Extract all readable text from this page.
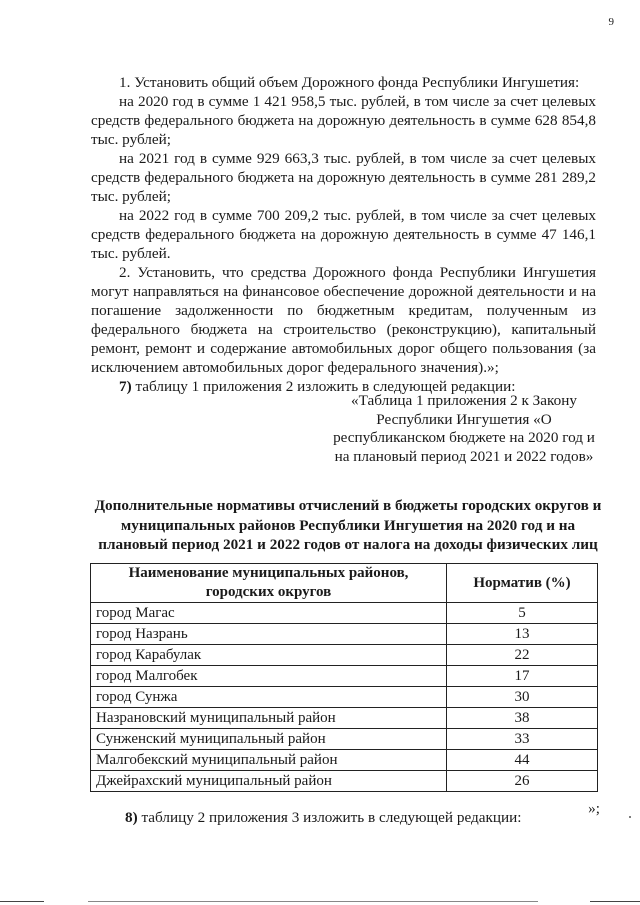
9

1. Установить общий объем Дорожного фонда Республики Ингушетия:

на 2020 год в сумме 1 421 958,5 тыс. рублей, в том числе за счет целевых средств федерального бюджета на дорожную деятельность в сумме 628 854,8 тыс. рублей;

на 2021 год в сумме 929 663,3 тыс. рублей, в том числе за счет целевых средств федерального бюджета на дорожную деятельность в сумме 281 289,2 тыс. рублей;

на 2022 год в сумме 700 209,2 тыс. рублей, в том числе за счет целевых средств федерального бюджета на дорожную деятельность в сумме 47 146,1 тыс. рублей.

2. Установить, что средства Дорожного фонда Республики Ингушетия могут направляться на финансовое обеспечение дорожной деятельности и на погашение задолженности по бюджетным кредитам, полученным из федерального бюджета на строительство (реконструкцию), капитальный ремонт, ремонт и содержание автомобильных дорог общего пользования (за исключением автомобильных дорог федерального значения).»;

7) таблицу 1 приложения 2 изложить в следующей редакции:

«Таблица 1 приложения 2 к Закону Республики Ингушетия «О республиканском бюджете на 2020 год и на плановый период 2021 и 2022 годов»
Дополнительные нормативы отчислений в бюджеты городских округов и муниципальных районов Республики Ингушетия на 2020 год и на плановый период 2021 и 2022 годов от налога на доходы физических лиц
Наименование муниципальных районов, городских округов	Норматив (%)
город Магас	5
город Назрань	13
город Карабулак	22
город Малгобек	17
город Сунжа	30
Назрановский муниципальный район	38
Сунженский муниципальный район	33
Малгобекский муниципальный район	44
Джейрахский муниципальный район	26
»;
8) таблицу 2 приложения 3 изложить в следующей редакции:
